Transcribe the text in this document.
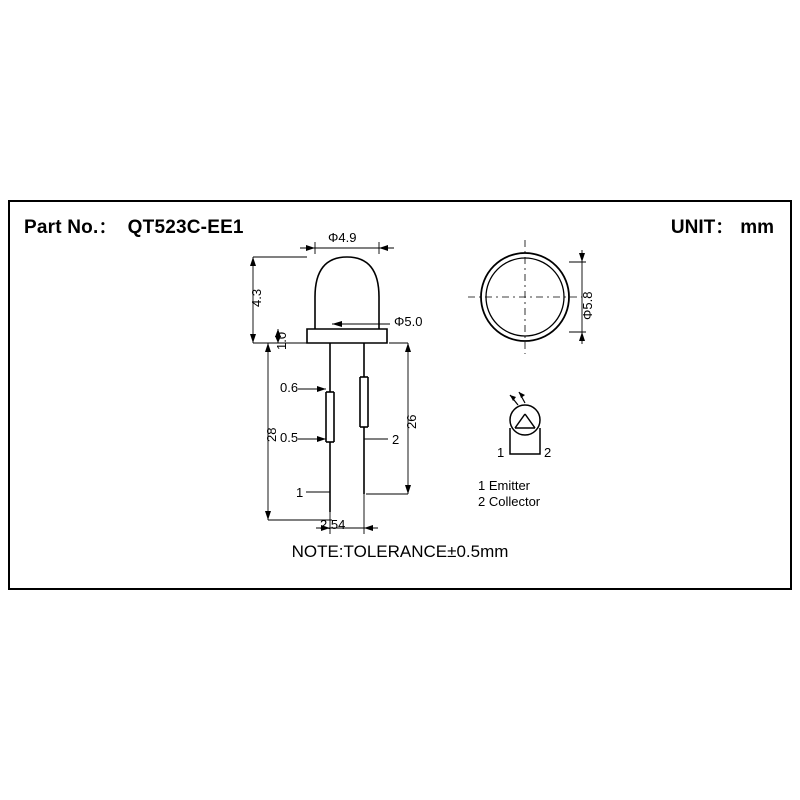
Part No.： QT523C-EE1	UNIT： mm
Φ4.9
Φ5.0
4.3
1.0
28
26
0.6
0.5
1
2
2.54
Φ5.8
1	2
1 Emitter
2 Collector
NOTE:TOLERANCE±0.5mm
